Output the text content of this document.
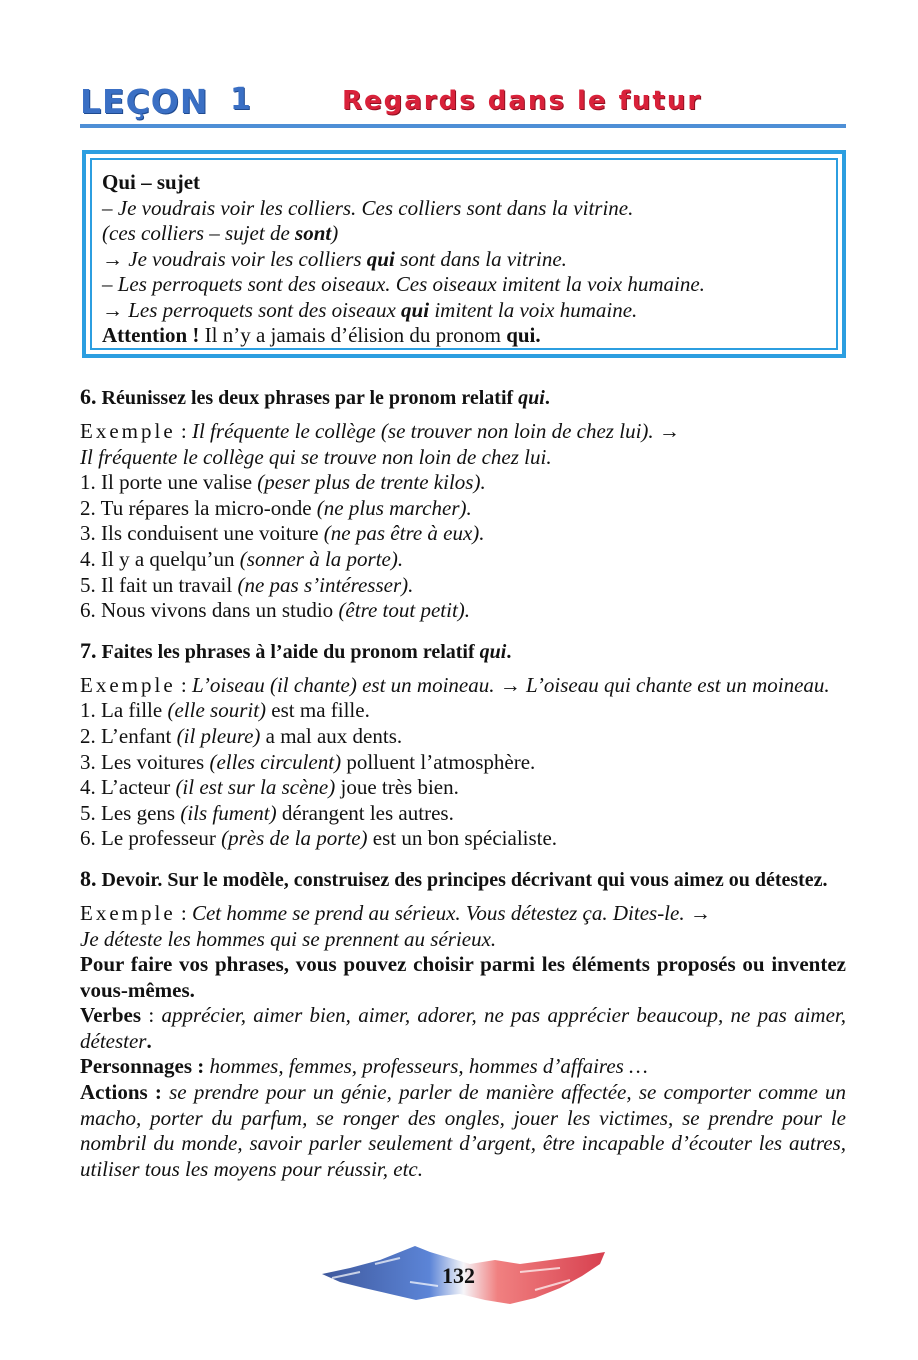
LEÇON 1	Regards dans le futur
Qui – sujet
– Je voudrais voir les colliers. Ces colliers sont dans la vitrine.
(ces colliers – sujet de sont)
→ Je voudrais voir les colliers qui sont dans la vitrine.
– Les perroquets sont des oiseaux. Ces oiseaux imitent la voix humaine.
→ Les perroquets sont des oiseaux qui imitent la voix humaine.
Attention ! Il n’y a jamais d’élision du pronom qui.

6. Réunissez les deux phrases par le pronom relatif qui.

Exemple : Il fréquente le collège (se trouver non loin de chez lui). →

Il fréquente le collège qui se trouve non loin de chez lui.

1. Il porte une valise (peser plus de trente kilos).

2. Tu répares la micro-onde (ne plus marcher).

3. Ils conduisent une voiture (ne pas être à eux).

4. Il y a quelqu’un (sonner à la porte).

5. Il fait un travail (ne pas s’intéresser).

6. Nous vivons dans un studio (être tout petit).

7. Faites les phrases à l’aide du pronom relatif qui.

Exemple : L’oiseau (il chante) est un moineau. → L’oiseau qui chante est un moineau.

1. La fille (elle sourit) est ma fille.

2. L’enfant (il pleure) a mal aux dents.

3. Les voitures (elles circulent) polluent l’atmosphère.

4. L’acteur (il est sur la scène) joue très bien.

5. Les gens (ils fument) dérangent les autres.

6. Le professeur (près de la porte) est un bon spécialiste.

8. Devoir. Sur le modèle, construisez des principes décrivant qui vous aimez ou détestez.

Exemple : Cet homme se prend au sérieux. Vous détestez ça. Dites-le. →

Je déteste les hommes qui se prennent au sérieux.

Pour faire vos phrases, vous pouvez choisir parmi les éléments proposés ou inventez vous-mêmes.

Verbes : apprécier, aimer bien, aimer, adorer, ne pas apprécier beaucoup, ne pas aimer, détester.

Personnages : hommes, femmes, professeurs, hommes d’affaires …

Actions : se prendre pour un génie, parler de manière affectée, se comporter comme un macho, porter du parfum, se ronger des ongles, jouer les victimes, se prendre pour le nombril du monde, savoir parler seulement d’argent, être incapable d’écouter les autres, utiliser tous les moyens pour réussir, etc.

132
